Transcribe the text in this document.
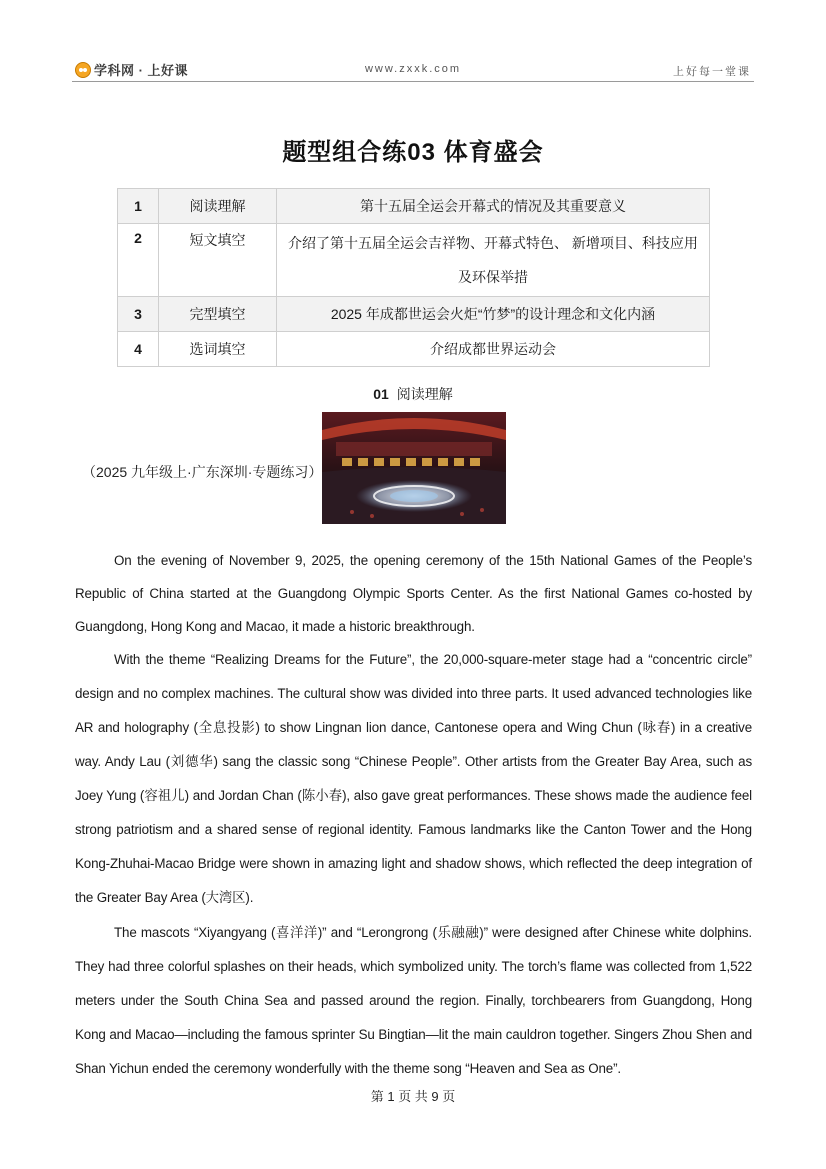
学科网 · 上好课	www.zxxk.com	上好每一堂课
题型组合练03 体育盛会
1	阅读理解	第十五届全运会开幕式的情况及其重要意义
2	短文填空	介绍了第十五届全运会吉祥物、开幕式特色、 新增项目、科技应用及环保举措
3	完型填空	2025 年成都世运会火炬“竹梦”的设计理念和文化内涵
4	选词填空	介绍成都世界运动会
01 阅读理解
（2025 九年级上·广东深圳·专题练习）

On the evening of November 9, 2025, the opening ceremony of the 15th National Games of the People’s Republic of China started at the Guangdong Olympic Sports Center. As the first National Games co-hosted by Guangdong, Hong Kong and Macao, it made a historic breakthrough.

With the theme “Realizing Dreams for the Future”, the 20,000-square-meter stage had a “concentric circle” design and no complex machines. The cultural show was divided into three parts. It used advanced technologies like AR and holography (全息投影) to show Lingnan lion dance, Cantonese opera and Wing Chun (咏春) in a creative way. Andy Lau (刘德华) sang the classic song “Chinese People”. Other artists from the Greater Bay Area, such as Joey Yung (容祖儿) and Jordan Chan (陈小春), also gave great performances. These shows made the audience feel strong patriotism and a shared sense of regional identity. Famous landmarks like the Canton Tower and the Hong Kong-Zhuhai-Macao Bridge were shown in amazing light and shadow shows, which reflected the deep integration of the Greater Bay Area (大湾区).

The mascots “Xiyangyang (喜洋洋)” and “Lerongrong (乐融融)” were designed after Chinese white dolphins. They had three colorful splashes on their heads, which symbolized unity. The torch’s flame was collected from 1,522 meters under the South China Sea and passed around the region. Finally, torchbearers from Guangdong, Hong Kong and Macao—including the famous sprinter Su Bingtian—lit the main cauldron together. Singers Zhou Shen and Shan Yichun ended the ceremony wonderfully with the theme song “Heaven and Sea as One”.

第 1 页 共 9 页
